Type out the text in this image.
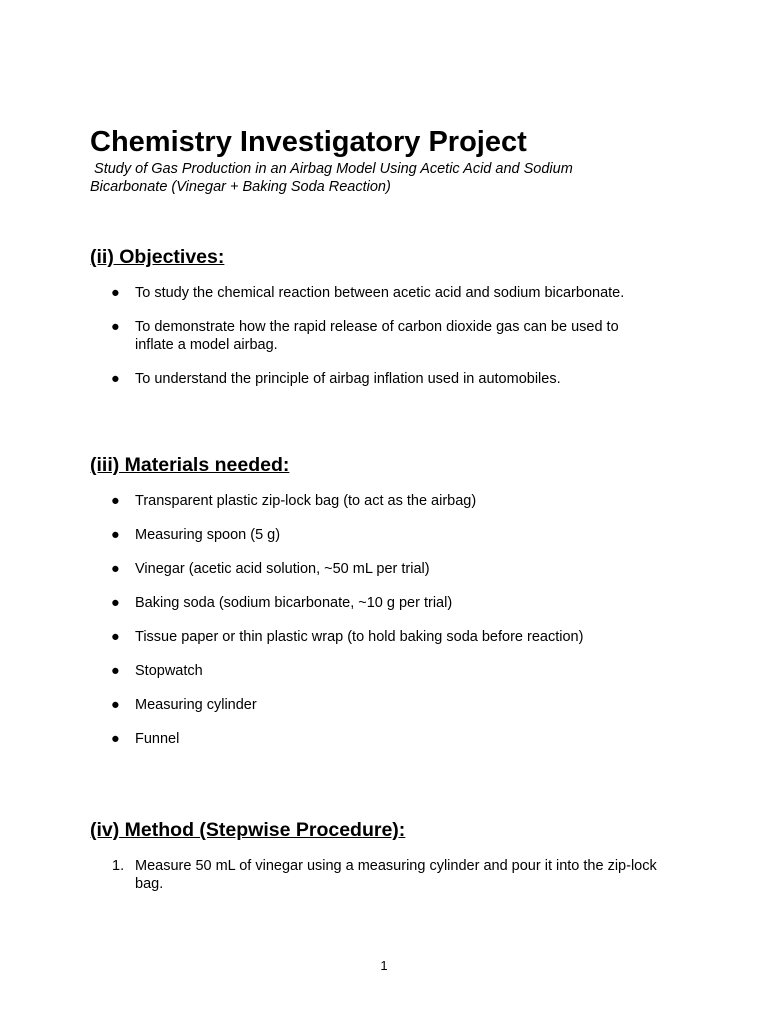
Chemistry Investigatory Project
Study of Gas Production in an Airbag Model Using Acetic Acid and Sodium Bicarbonate (Vinegar + Baking Soda Reaction)
(ii) Objectives:
● To study the chemical reaction between acetic acid and sodium bicarbonate.
● To demonstrate how the rapid release of carbon dioxide gas can be used to inflate a model airbag.
● To understand the principle of airbag inflation used in automobiles.
(iii) Materials needed:
● Transparent plastic zip-lock bag (to act as the airbag)
● Measuring spoon (5 g)
● Vinegar (acetic acid solution, ~50 mL per trial)
● Baking soda (sodium bicarbonate, ~10 g per trial)
● Tissue paper or thin plastic wrap (to hold baking soda before reaction)
● Stopwatch
● Measuring cylinder
● Funnel
(iv) Method (Stepwise Procedure):
1. Measure 50 mL of vinegar using a measuring cylinder and pour it into the zip-lock bag.
1
